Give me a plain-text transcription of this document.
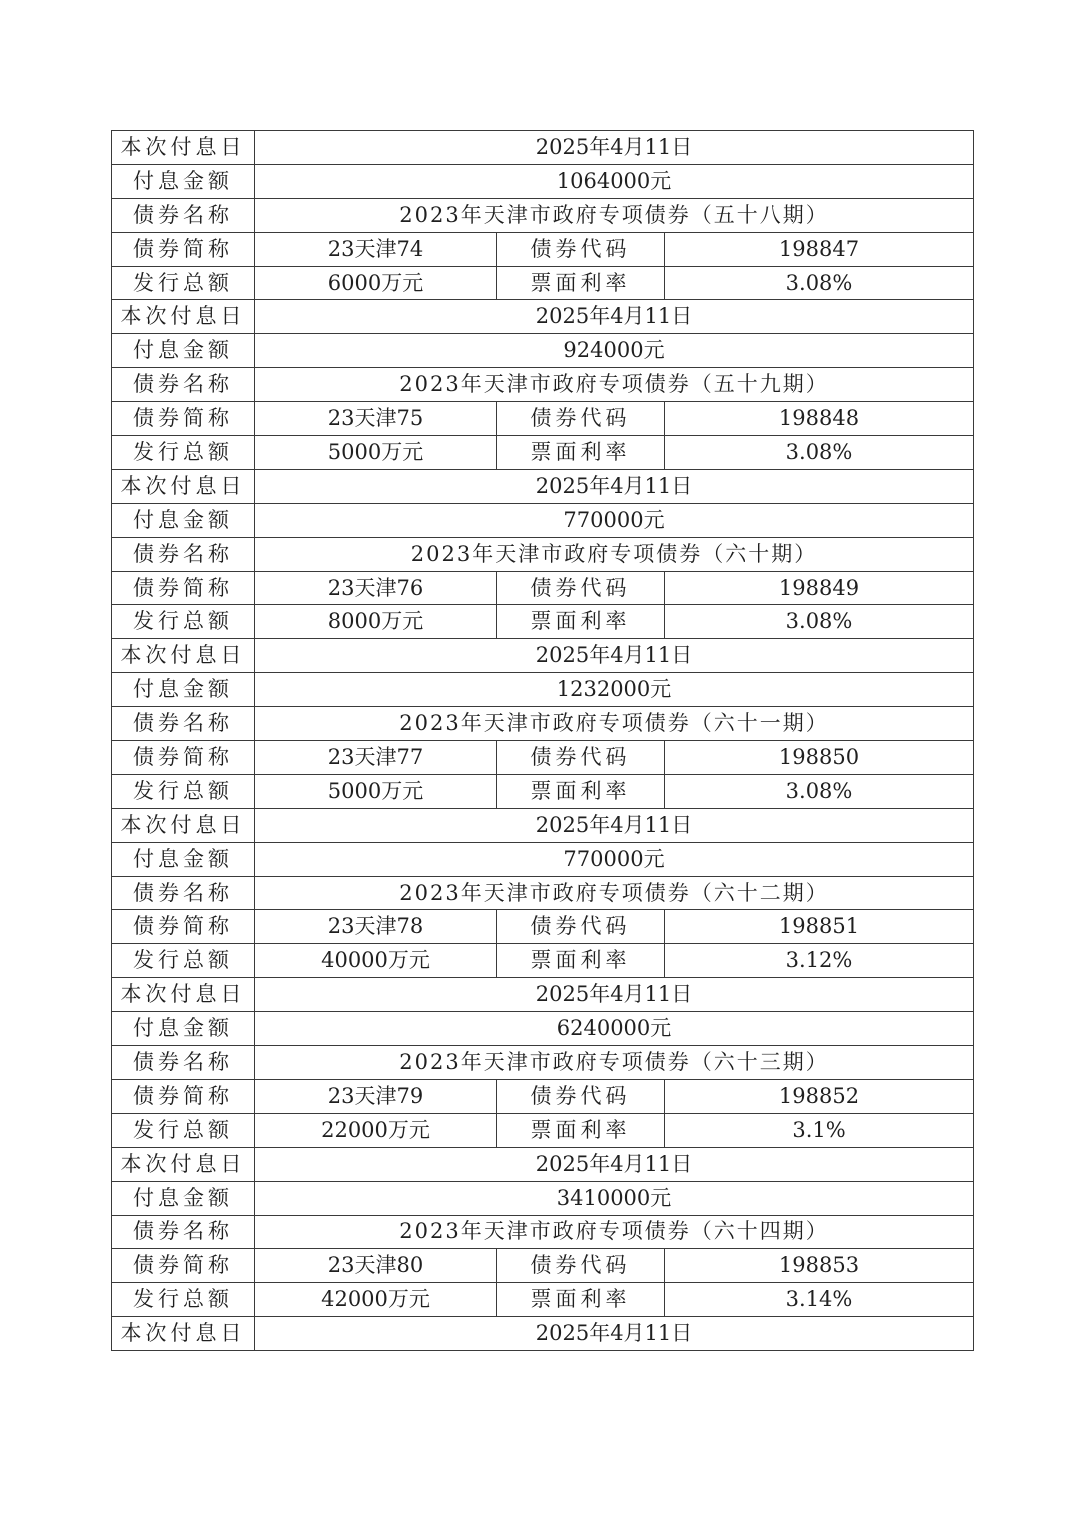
本次付息日	2025年4月11日		
付息金额	1064000元		
债券名称	2023年天津市政府专项债券（五十八期）		
债券简称	23天津74	债券代码	198847
发行总额	6000万元	票面利率	3.08%
本次付息日	2025年4月11日		
付息金额	924000元		
债券名称	2023年天津市政府专项债券（五十九期）		
债券简称	23天津75	债券代码	198848
发行总额	5000万元	票面利率	3.08%
本次付息日	2025年4月11日		
付息金额	770000元		
债券名称	2023年天津市政府专项债券（六十期）		
债券简称	23天津76	债券代码	198849
发行总额	8000万元	票面利率	3.08%
本次付息日	2025年4月11日		
付息金额	1232000元		
债券名称	2023年天津市政府专项债券（六十一期）		
债券简称	23天津77	债券代码	198850
发行总额	5000万元	票面利率	3.08%
本次付息日	2025年4月11日		
付息金额	770000元		
债券名称	2023年天津市政府专项债券（六十二期）		
债券简称	23天津78	债券代码	198851
发行总额	40000万元	票面利率	3.12%
本次付息日	2025年4月11日		
付息金额	6240000元		
债券名称	2023年天津市政府专项债券（六十三期）		
债券简称	23天津79	债券代码	198852
发行总额	22000万元	票面利率	3.1%
本次付息日	2025年4月11日		
付息金额	3410000元		
债券名称	2023年天津市政府专项债券（六十四期）		
债券简称	23天津80	债券代码	198853
发行总额	42000万元	票面利率	3.14%
本次付息日	2025年4月11日		
